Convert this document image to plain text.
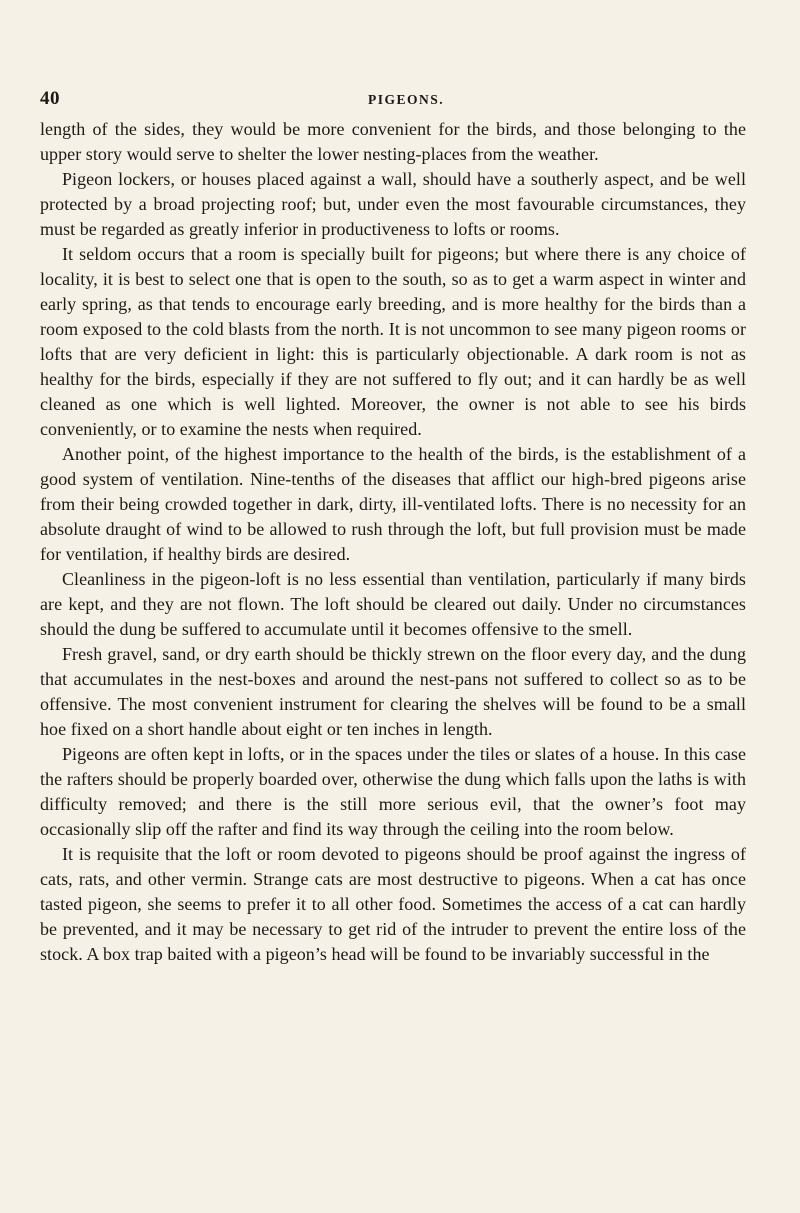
40	PIGEONS.

length of the sides, they would be more convenient for the birds, and those belonging to the upper story would serve to shelter the lower nesting-places from the weather.

Pigeon lockers, or houses placed against a wall, should have a southerly aspect, and be well protected by a broad projecting roof; but, under even the most favourable circumstances, they must be regarded as greatly inferior in productiveness to lofts or rooms.

It seldom occurs that a room is specially built for pigeons; but where there is any choice of locality, it is best to select one that is open to the south, so as to get a warm aspect in winter and early spring, as that tends to encourage early breeding, and is more healthy for the birds than a room exposed to the cold blasts from the north. It is not uncommon to see many pigeon rooms or lofts that are very deficient in light: this is particularly objectionable. A dark room is not as healthy for the birds, especially if they are not suffered to fly out; and it can hardly be as well cleaned as one which is well lighted. Moreover, the owner is not able to see his birds conveniently, or to examine the nests when required.

Another point, of the highest importance to the health of the birds, is the establishment of a good system of ventilation. Nine-tenths of the diseases that afflict our high-bred pigeons arise from their being crowded together in dark, dirty, ill-ventilated lofts. There is no necessity for an absolute draught of wind to be allowed to rush through the loft, but full provision must be made for ventilation, if healthy birds are desired.

Cleanliness in the pigeon-loft is no less essential than ventilation, particularly if many birds are kept, and they are not flown. The loft should be cleared out daily. Under no circumstances should the dung be suffered to accumulate until it becomes offensive to the smell.

Fresh gravel, sand, or dry earth should be thickly strewn on the floor every day, and the dung that accumulates in the nest-boxes and around the nest-pans not suffered to collect so as to be offensive. The most convenient instrument for clearing the shelves will be found to be a small hoe fixed on a short handle about eight or ten inches in length.

Pigeons are often kept in lofts, or in the spaces under the tiles or slates of a house. In this case the rafters should be properly boarded over, otherwise the dung which falls upon the laths is with difficulty removed; and there is the still more serious evil, that the owner’s foot may occasionally slip off the rafter and find its way through the ceiling into the room below.

It is requisite that the loft or room devoted to pigeons should be proof against the ingress of cats, rats, and other vermin. Strange cats are most destructive to pigeons. When a cat has once tasted pigeon, she seems to prefer it to all other food. Sometimes the access of a cat can hardly be prevented, and it may be necessary to get rid of the intruder to prevent the entire loss of the stock. A box trap baited with a pigeon’s head will be found to be invariably successful in the
